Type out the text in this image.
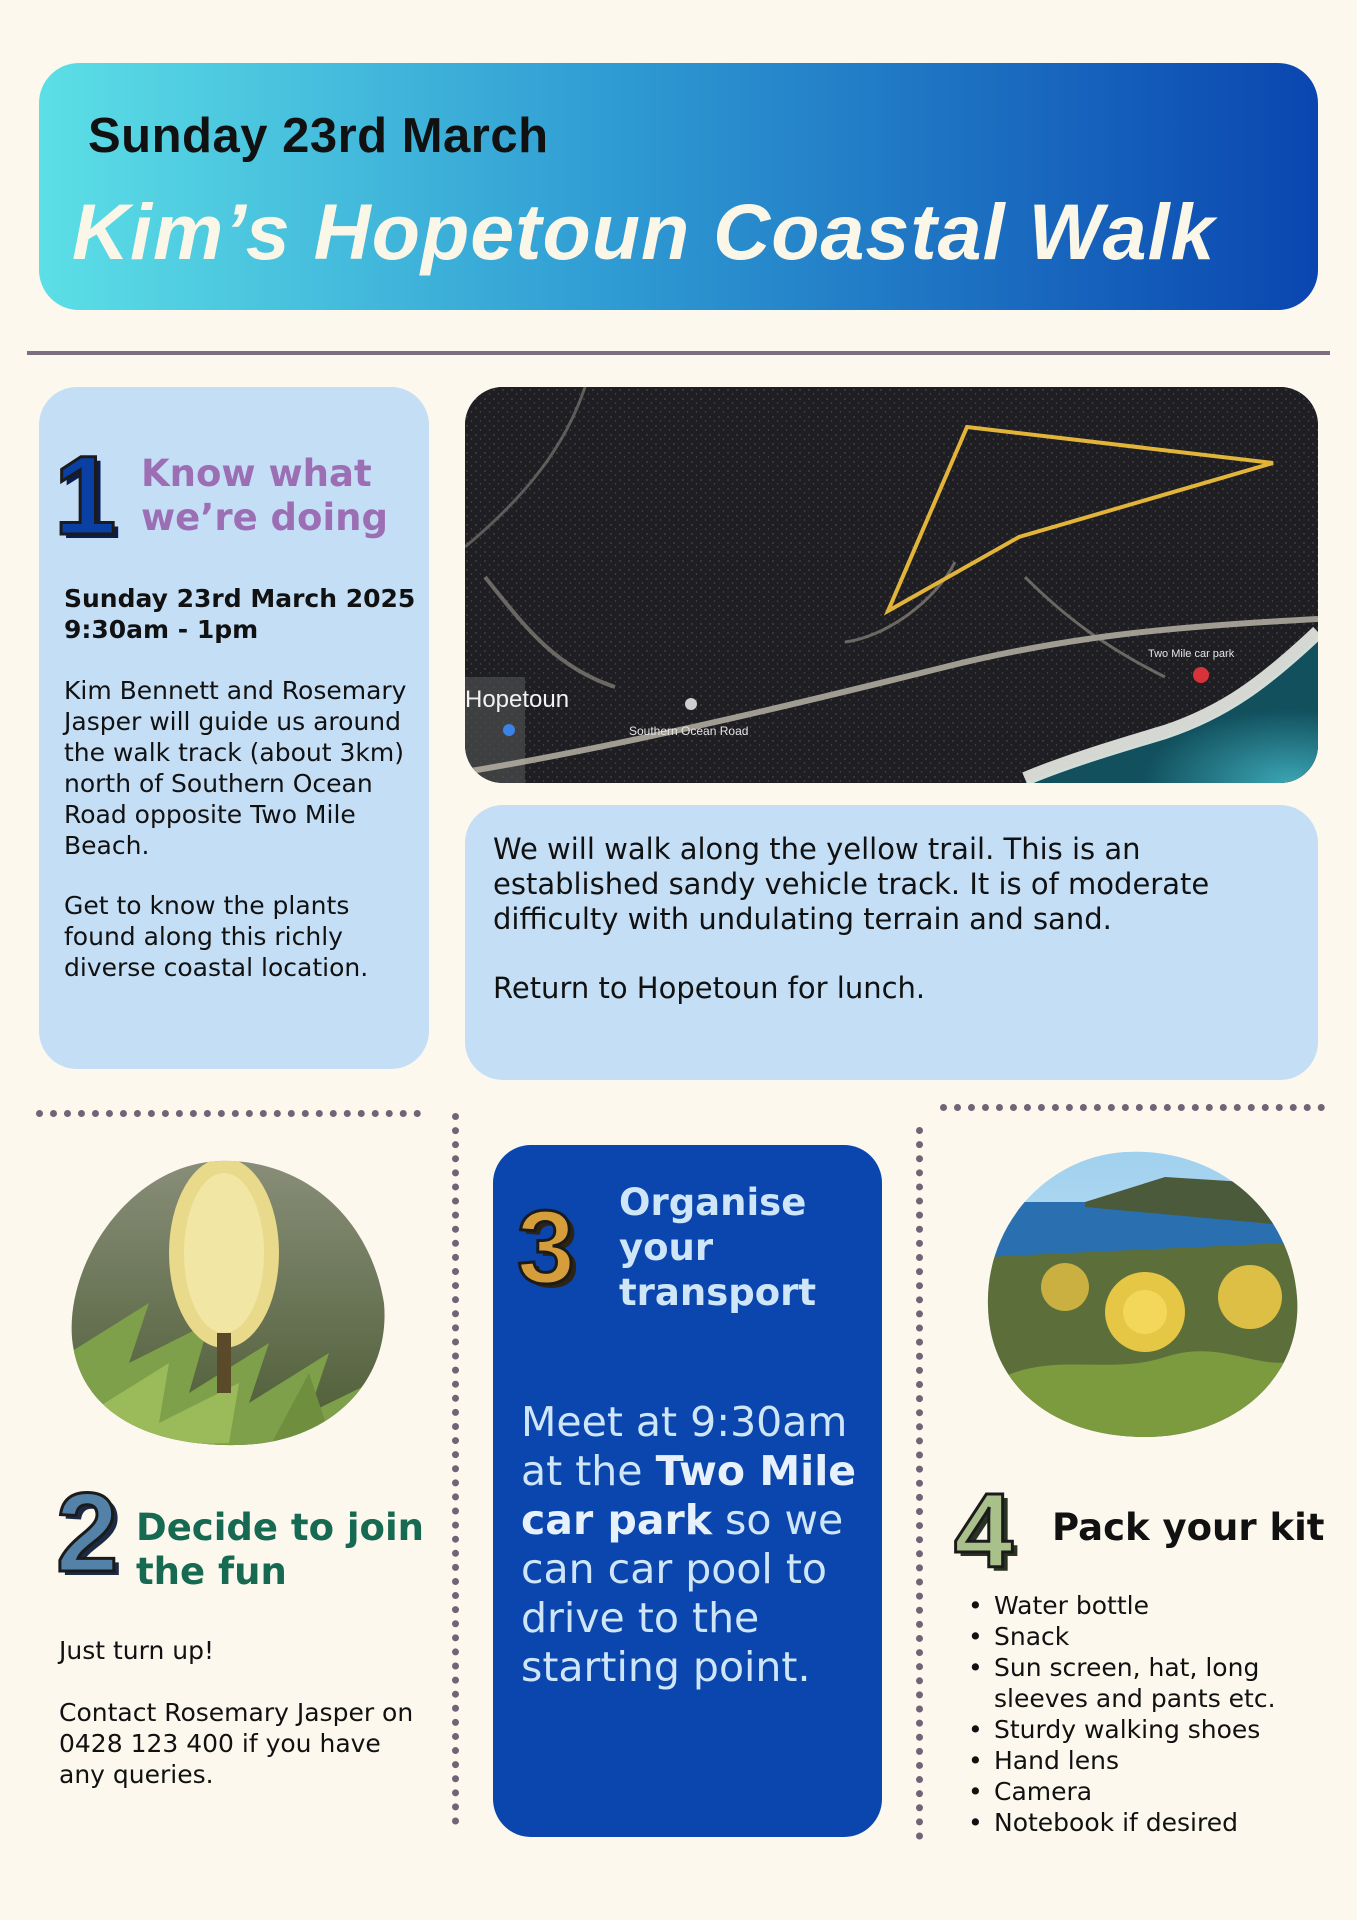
Sunday 23rd March
Kim’s Hopetoun Coastal Walk
1 Know what we’re doing
Sunday 23rd March 2025
9:30am - 1pm
Kim Bennett and Rosemary Jasper will guide us around the walk track (about 3km) north of Southern Ocean Road opposite Two Mile Beach.
Get to know the plants found along this richly diverse coastal location.
Hopetoun
Southern Ocean Road
Two Mile car park
We will walk along the yellow trail. This is an established sandy vehicle track. It is of moderate difficulty with undulating terrain and sand.
Return to Hopetoun for lunch.
2 Decide to join the fun
Just turn up!
Contact Rosemary Jasper on 0428 123 400 if you have any queries.
3 Organise your transport
Meet at 9:30am at the Two Mile car park so we can car pool to drive to the starting point.
4 Pack your kit
• Water bottle
• Snack
• Sun screen, hat, long sleeves and pants etc.
• Sturdy walking shoes
• Hand lens
• Camera
• Notebook if desired
